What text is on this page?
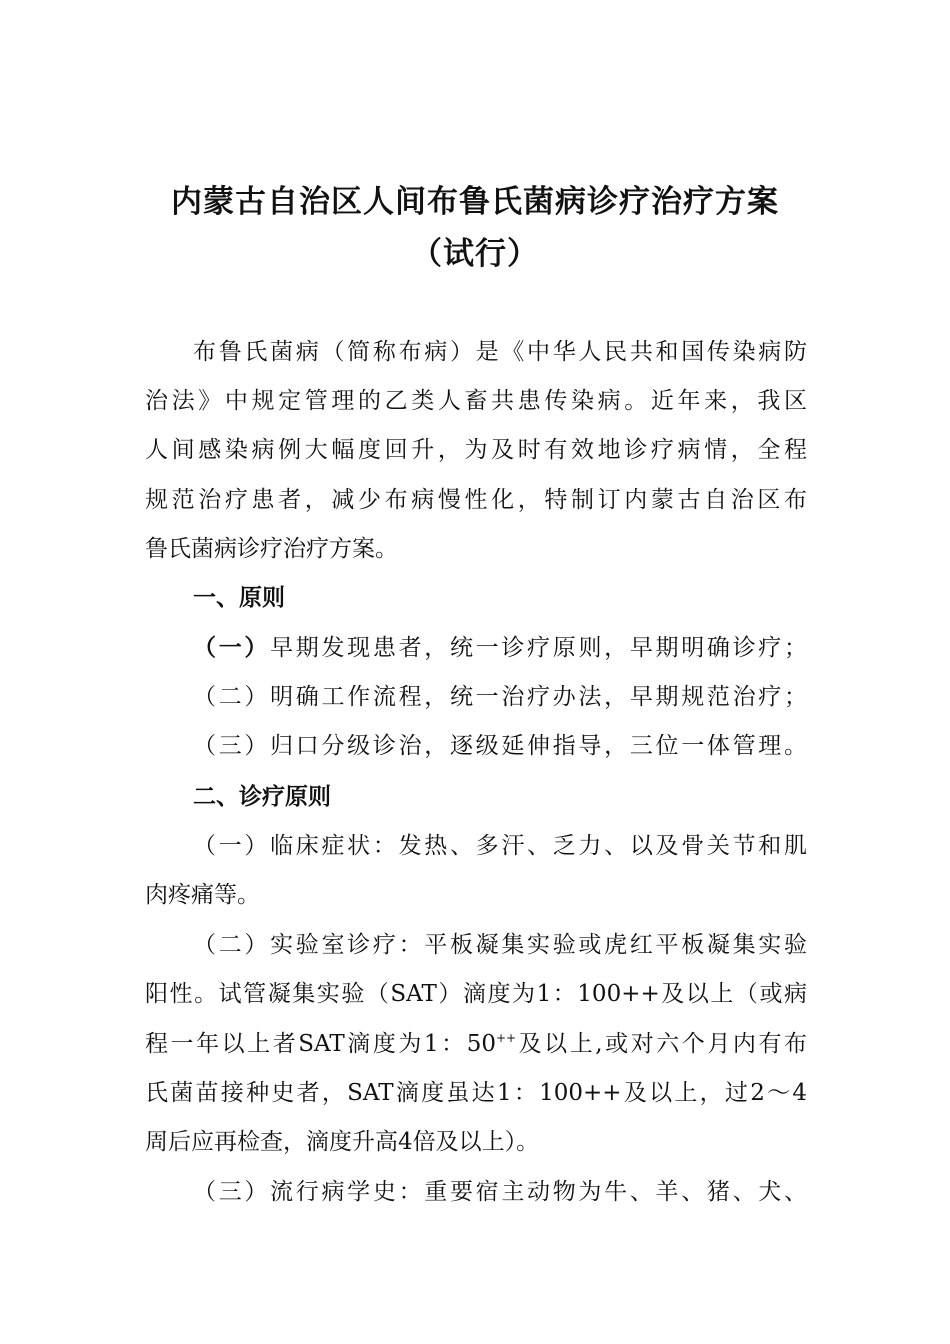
内蒙古自治区人间布鲁氏菌病诊疗治疗方案
（试行）
布鲁氏菌病（简称布病）是《中华人民共和国传染病防
治法》中规定管理的乙类人畜共患传染病。近年来，我区
人间感染病例大幅度回升，为及时有效地诊疗病情，全程
规范治疗患者，减少布病慢性化，特制订内蒙古自治区布
鲁氏菌病诊疗治疗方案。
一、原则
（一）早期发现患者，统一诊疗原则，早期明确诊疗；
（二）明确工作流程，统一治疗办法，早期规范治疗；
（三）归口分级诊治，逐级延伸指导，三位一体管理。
二、诊疗原则
（一）临床症状：发热、多汗、乏力、以及骨关节和肌
肉疼痛等。
（二）实验室诊疗：平板凝集实验或虎红平板凝集实验
阳性。试管凝集实验（SAT）滴度为1：100++及以上（或病
程一年以上者SAT滴度为1：50++及以上,或对六个月内有布
氏菌苗接种史者，SAT滴度虽达1：100++及以上，过2～4
周后应再检查，滴度升高4倍及以上）。
（三）流行病学史：重要宿主动物为牛、羊、猪、犬、
